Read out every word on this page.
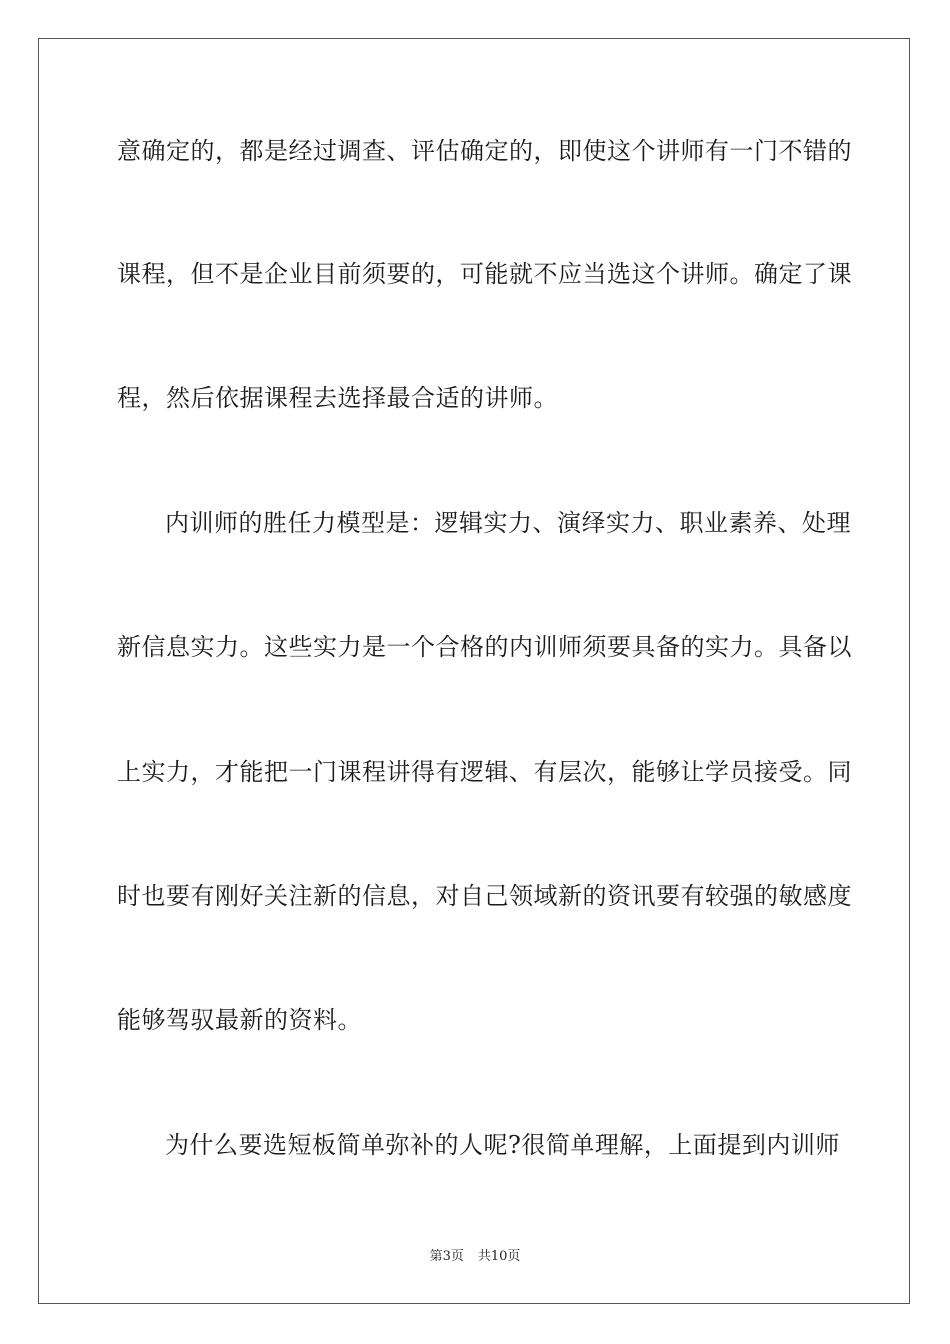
意确定的，都是经过调查、评估确定的，即使这个讲师有一门不错的
课程，但不是企业目前须要的，可能就不应当选这个讲师。确定了课
程，然后依据课程去选择最合适的讲师。
内训师的胜任力模型是：逻辑实力、演绎实力、职业素养、处理
新信息实力。这些实力是一个合格的内训师须要具备的实力。具备以
上实力，才能把一门课程讲得有逻辑、有层次，能够让学员接受。同
时也要有刚好关注新的信息，对自己领域新的资讯要有较强的敏感度
能够驾驭最新的资料。
为什么要选短板简单弥补的人呢?很简单理解，上面提到内训师
第3页 共10页
